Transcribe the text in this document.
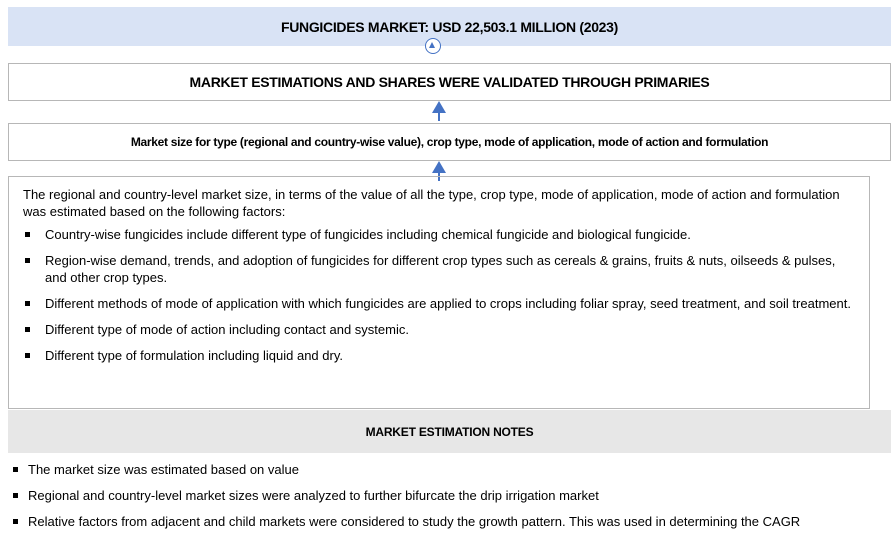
FUNGICIDES MARKET: USD 22,503.1 MILLION (2023)
MARKET ESTIMATIONS AND SHARES WERE VALIDATED THROUGH PRIMARIES
Market size for type (regional and country-wise value), crop type, mode of application, mode of action and formulation

The regional and country-level market size, in terms of the value of all the type, crop type, mode of application, mode of action and formulation was estimated based on the following factors:

Country-wise fungicides include different type of fungicides including chemical fungicide and biological fungicide.
Region-wise demand, trends, and adoption of fungicides for different crop types such as cereals & grains, fruits & nuts, oilseeds & pulses, and other crop types.
Different methods of mode of application with which fungicides are applied to crops including foliar spray, seed treatment, and soil treatment.
Different type of mode of action including contact and systemic.
Different type of formulation including liquid and dry.
MARKET ESTIMATION NOTES
The market size was estimated based on value
Regional and country-level market sizes were analyzed to further bifurcate the drip irrigation market
Relative factors from adjacent and child markets were considered to study the growth pattern. This was used in determining the CAGR
